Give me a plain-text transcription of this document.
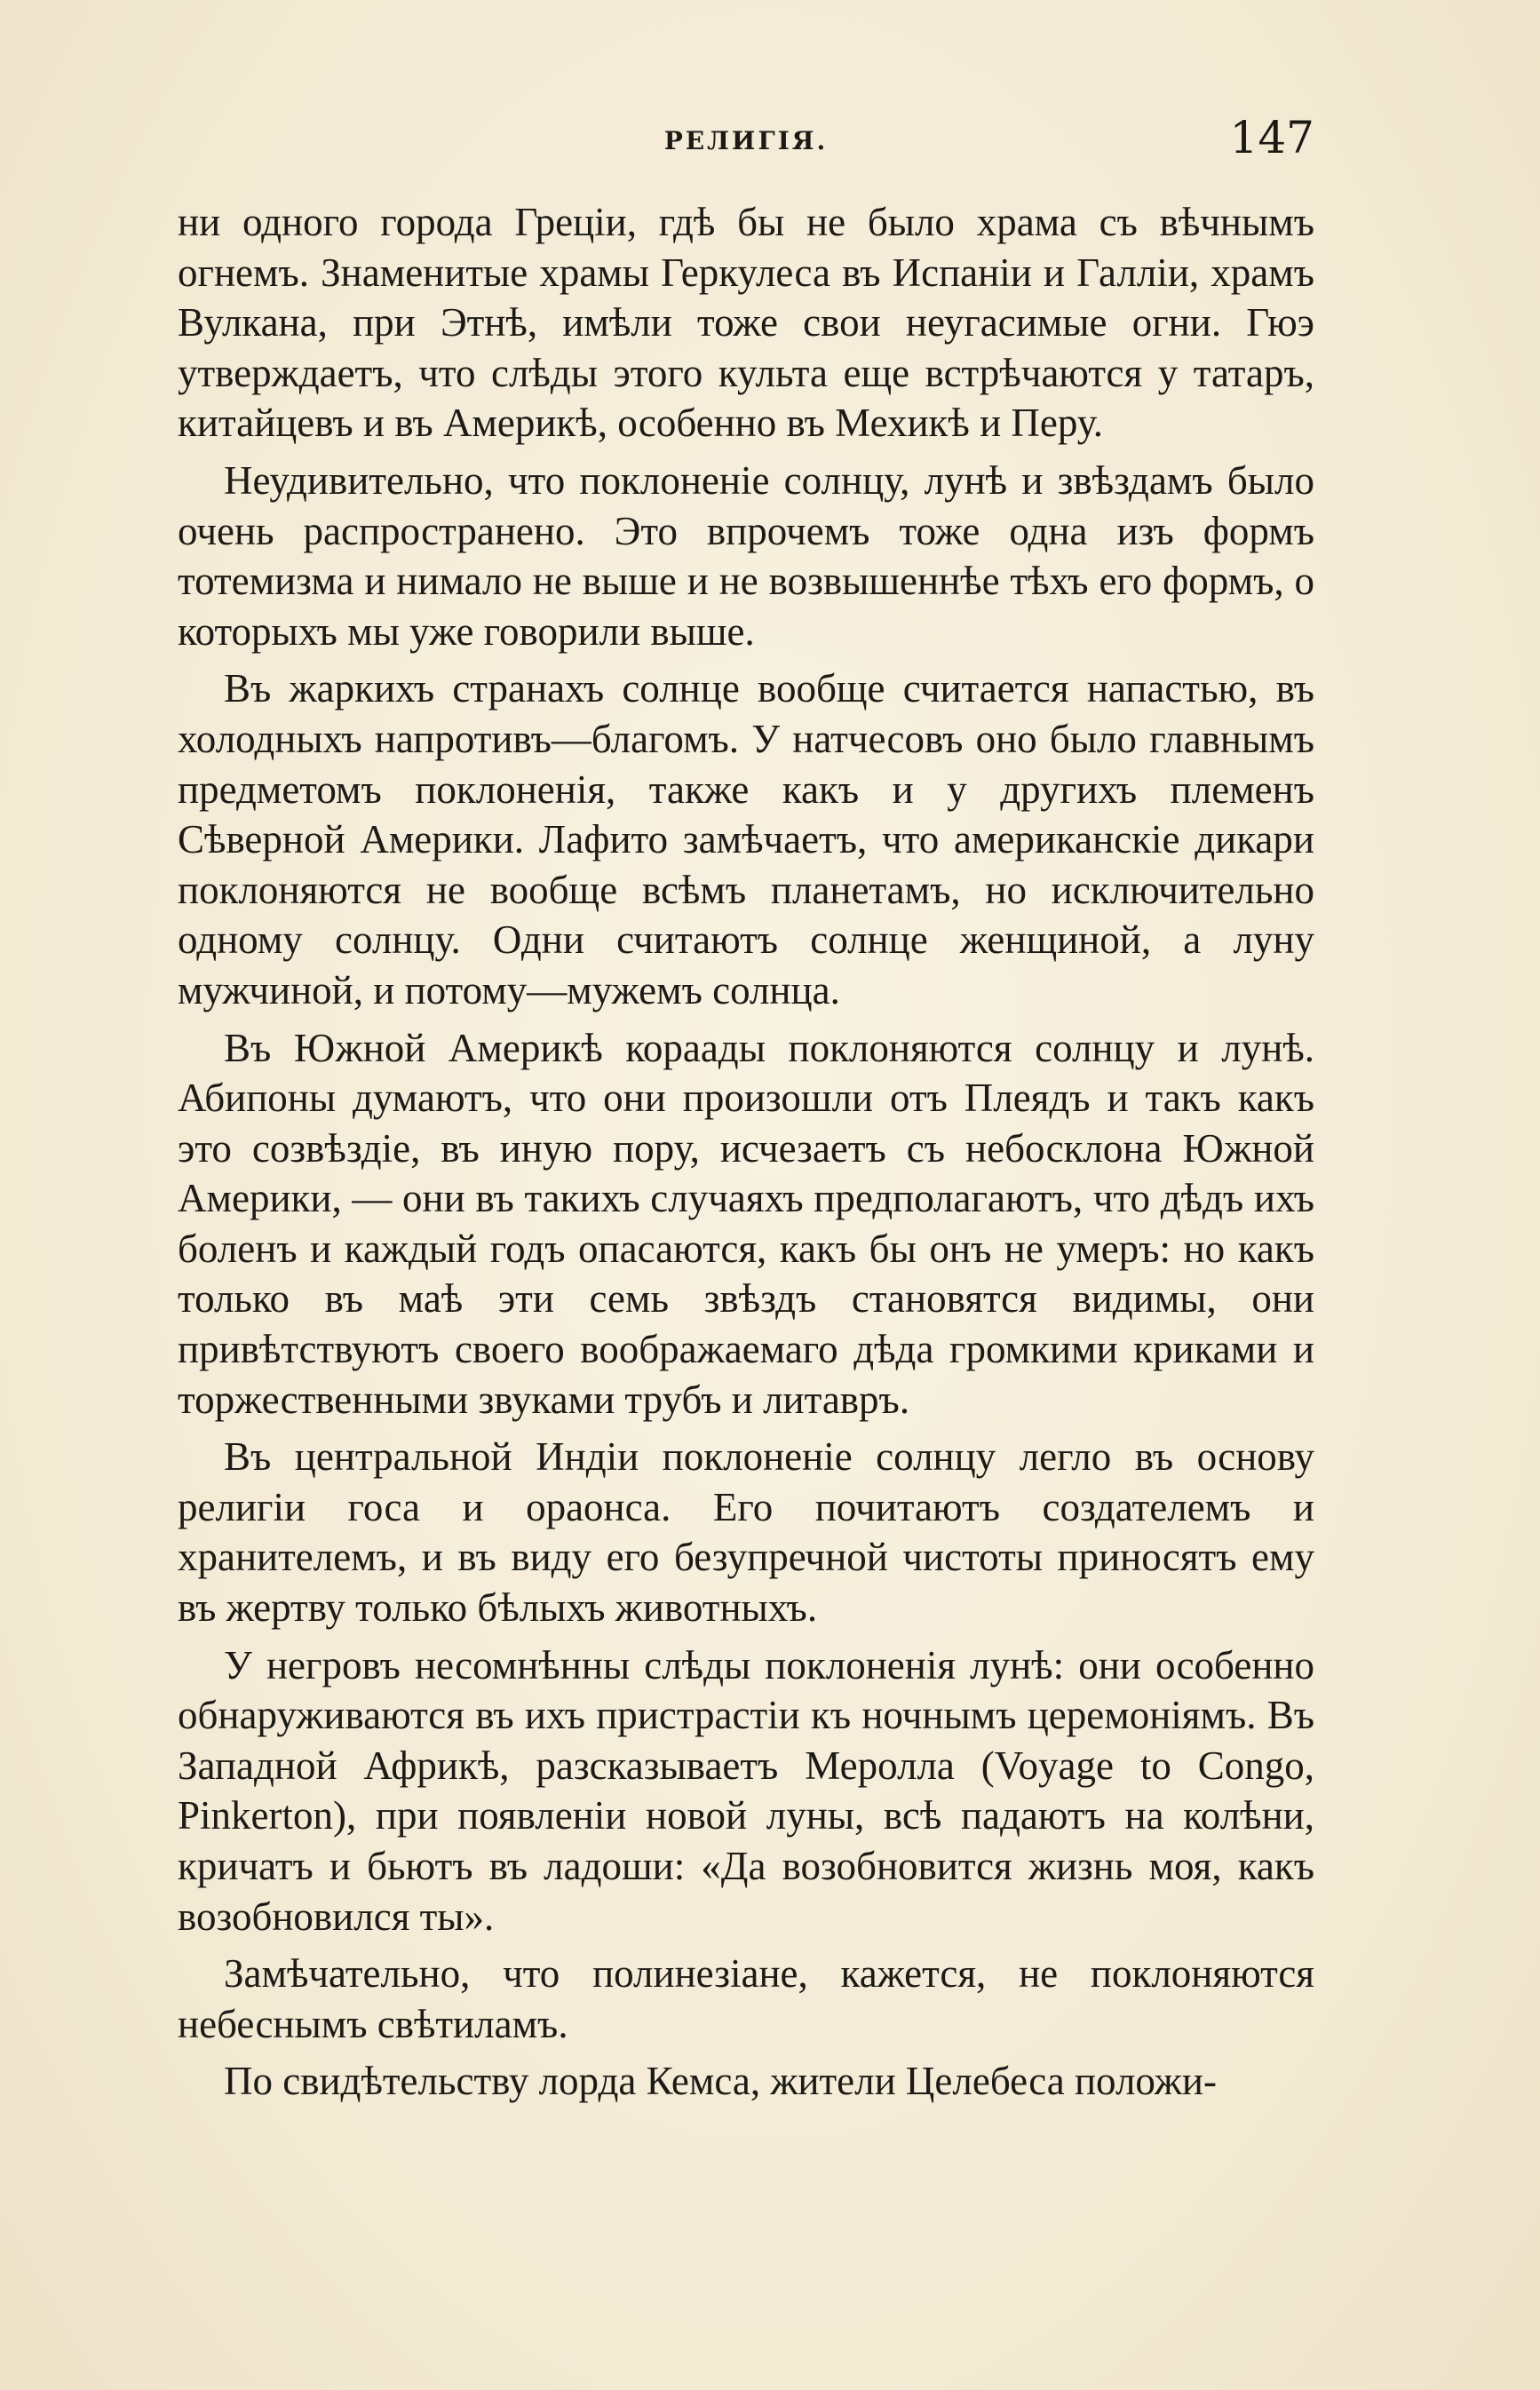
РЕЛИГІЯ.	147

ни одного города Греціи, гдѣ бы не было храма съ вѣчнымъ огнемъ. Знаменитые храмы Геркулеса въ Испаніи и Галліи, храмъ Вулкана, при Этнѣ, имѣли тоже свои неугасимые огни. Гюэ утверждаетъ, что слѣды этого культа еще встрѣчаются у татаръ, китайцевъ и въ Америкѣ, особенно въ Мехикѣ и Перу.

Неудивительно, что поклоненіе солнцу, лунѣ и звѣздамъ было очень распространено. Это впрочемъ тоже одна изъ формъ тотемизма и нимало не выше и не возвышеннѣе тѣхъ его формъ, о которыхъ мы уже говорили выше.

Въ жаркихъ странахъ солнце вообще считается напастью, въ холодныхъ напротивъ—благомъ. У натчесовъ оно было главнымъ предметомъ поклоненія, также какъ и у другихъ племенъ Сѣверной Америки. Лафито замѣчаетъ, что американскіе дикари поклоняются не вообще всѣмъ планетамъ, но исключительно одному солнцу. Одни считаютъ солнце женщиной, а луну мужчиной, и потому—мужемъ солнца.

Въ Южной Америкѣ кораады поклоняются солнцу и лунѣ. Абипоны думаютъ, что они произошли отъ Плеядъ и такъ какъ это созвѣздіе, въ иную пору, исчезаетъ съ небосклона Южной Америки, — они въ такихъ случаяхъ предполагаютъ, что дѣдъ ихъ боленъ и каждый годъ опасаются, какъ бы онъ не умеръ: но какъ только въ маѣ эти семь звѣздъ становятся видимы, они привѣтствуютъ своего воображаемаго дѣда громкими криками и торжественными звуками трубъ и литавръ.

Въ центральной Индіи поклоненіе солнцу легло въ основу религіи госа и ораонса. Его почитаютъ создателемъ и хранителемъ, и въ виду его безупречной чистоты приносятъ ему въ жертву только бѣлыхъ животныхъ.

У негровъ несомнѣнны слѣды поклоненія лунѣ: они особенно обнаруживаются въ ихъ пристрастіи къ ночнымъ церемоніямъ. Въ Западной Африкѣ, разсказываетъ Меролла (Voyage to Congo, Pinkerton), при появленіи новой луны, всѣ падаютъ на колѣни, кричатъ и бьютъ въ ладоши: «Да возобновится жизнь моя, какъ возобновился ты».

Замѣчательно, что полинезіане, кажется, не поклоняются небеснымъ свѣтиламъ.

По свидѣтельству лорда Кемса, жители Целебеса положи-
